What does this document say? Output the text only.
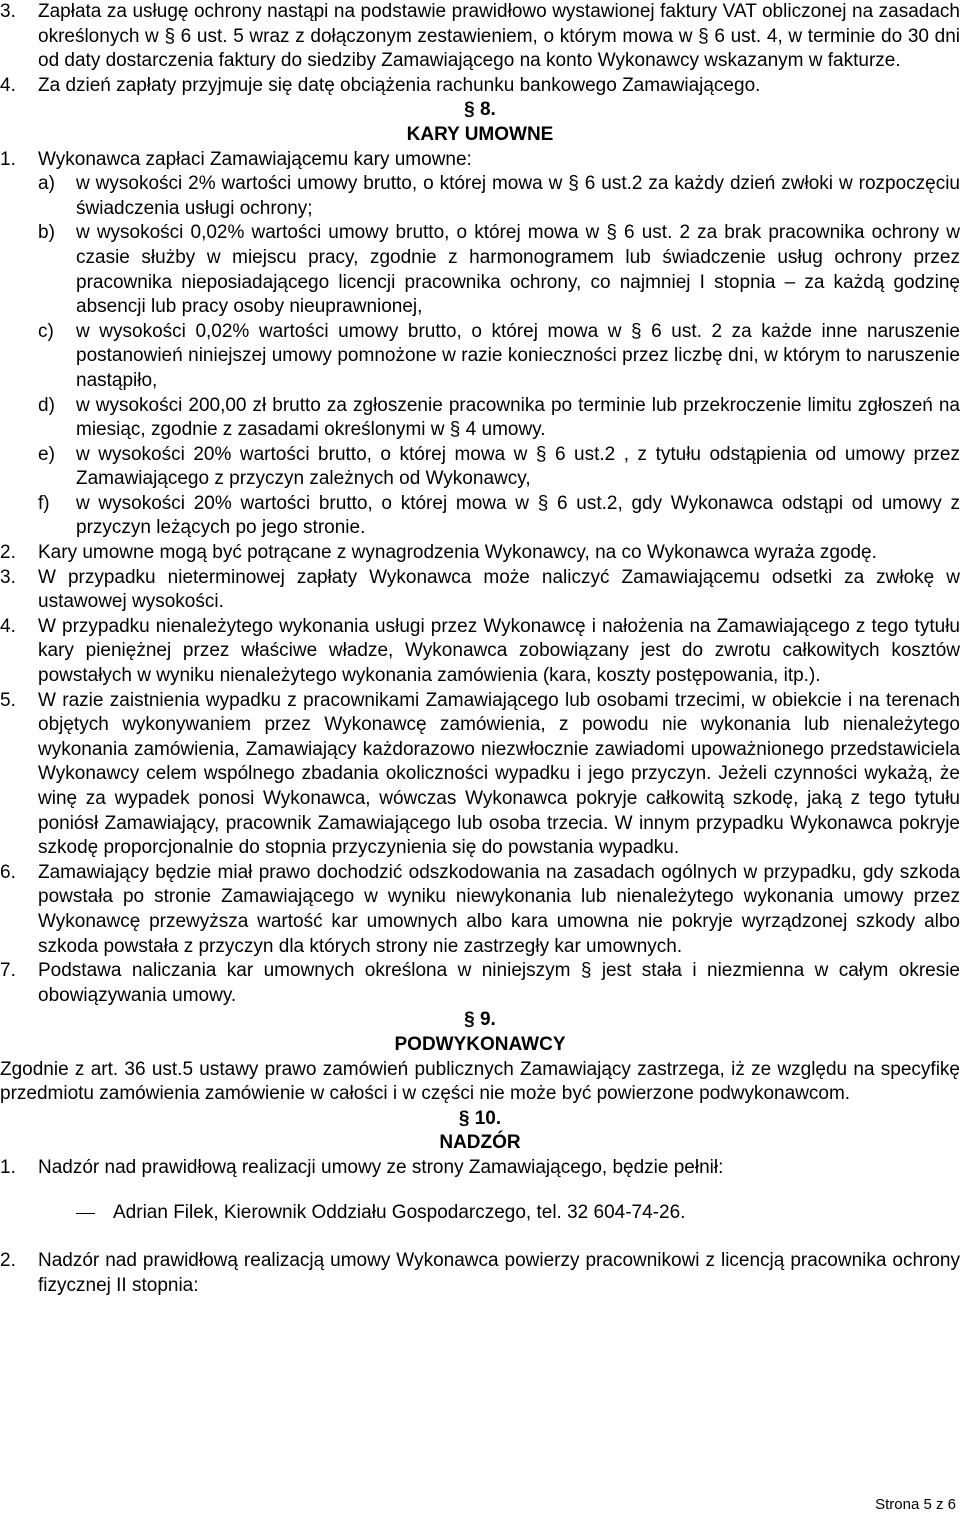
3. Zapłata za usługę ochrony nastąpi na podstawie prawidłowo wystawionej faktury VAT obliczonej na zasadach określonych w § 6 ust. 5 wraz z dołączonym zestawieniem, o którym mowa w § 6 ust. 4, w terminie do 30 dni od daty dostarczenia faktury do siedziby Zamawiającego na konto Wykonawcy wskazanym w fakturze.

4. Za dzień zapłaty przyjmuje się datę obciążenia rachunku bankowego Zamawiającego.

§ 8.

KARY UMOWNE

1. Wykonawca zapłaci Zamawiającemu kary umowne:

a) w wysokości 2% wartości umowy brutto, o której mowa w § 6 ust.2 za każdy dzień zwłoki w rozpoczęciu świadczenia usługi ochrony;

b) w wysokości 0,02% wartości umowy brutto, o której mowa w § 6 ust. 2 za brak pracownika ochrony w czasie służby w miejscu pracy, zgodnie z harmonogramem lub świadczenie usług ochrony przez pracownika nieposiadającego licencji pracownika ochrony, co najmniej I stopnia – za każdą godzinę absencji lub pracy osoby nieuprawnionej,

c) w wysokości 0,02% wartości umowy brutto, o której mowa w § 6 ust. 2 za każde inne naruszenie postanowień niniejszej umowy pomnożone w razie konieczności przez liczbę dni, w którym to naruszenie nastąpiło,

d) w wysokości 200,00 zł brutto za zgłoszenie pracownika po terminie lub przekroczenie limitu zgłoszeń na miesiąc, zgodnie z zasadami określonymi w § 4 umowy.

e) w wysokości 20% wartości brutto, o której mowa w § 6 ust.2 , z tytułu odstąpienia od umowy przez Zamawiającego z przyczyn zależnych od Wykonawcy,

f) w wysokości 20% wartości brutto, o której mowa w § 6 ust.2, gdy Wykonawca odstąpi od umowy z przyczyn leżących po jego stronie.

2. Kary umowne mogą być potrącane z wynagrodzenia Wykonawcy, na co Wykonawca wyraża zgodę.

3. W przypadku nieterminowej zapłaty Wykonawca może naliczyć Zamawiającemu odsetki za zwłokę w ustawowej wysokości.

4. W przypadku nienależytego wykonania usługi przez Wykonawcę i nałożenia na Zamawiającego z tego tytułu kary pieniężnej przez właściwe władze, Wykonawca zobowiązany jest do zwrotu całkowitych kosztów powstałych w wyniku nienależytego wykonania zamówienia (kara, koszty postępowania, itp.).

5. W razie zaistnienia wypadku z pracownikami Zamawiającego lub osobami trzecimi, w obiekcie i na terenach objętych wykonywaniem przez Wykonawcę zamówienia, z powodu nie wykonania lub nienależytego wykonania zamówienia, Zamawiający każdorazowo niezwłocznie zawiadomi upoważnionego przedstawiciela Wykonawcy celem wspólnego zbadania okoliczności wypadku i jego przyczyn. Jeżeli czynności wykażą, że winę za wypadek ponosi Wykonawca, wówczas Wykonawca pokryje całkowitą szkodę, jaką z tego tytułu poniósł Zamawiający, pracownik Zamawiającego lub osoba trzecia. W innym przypadku Wykonawca pokryje szkodę proporcjonalnie do stopnia przyczynienia się do powstania wypadku.

6. Zamawiający będzie miał prawo dochodzić odszkodowania na zasadach ogólnych w przypadku, gdy szkoda powstała po stronie Zamawiającego w wyniku niewykonania lub nienależytego wykonania umowy przez Wykonawcę przewyższa wartość kar umownych albo kara umowna nie pokryje wyrządzonej szkody albo szkoda powstała z przyczyn dla których strony nie zastrzegły kar umownych.

7. Podstawa naliczania kar umownych określona w niniejszym § jest stała i niezmienna w całym okresie obowiązywania umowy.

§ 9.

PODWYKONAWCY

Zgodnie z art. 36 ust.5 ustawy prawo zamówień publicznych Zamawiający zastrzega, iż ze względu na specyfikę przedmiotu zamówienia zamówienie w całości i w części nie może być powierzone podwykonawcom.

§ 10.

NADZÓR

1. Nadzór nad prawidłową realizacji umowy ze strony Zamawiającego, będzie pełnił:

Adrian Filek, Kierownik Oddziału Gospodarczego, tel. 32 604-74-26.

2. Nadzór nad prawidłową realizacją umowy Wykonawca powierzy pracownikowi z licencją pracownika ochrony fizycznej II stopnia:

Strona 5 z 6
